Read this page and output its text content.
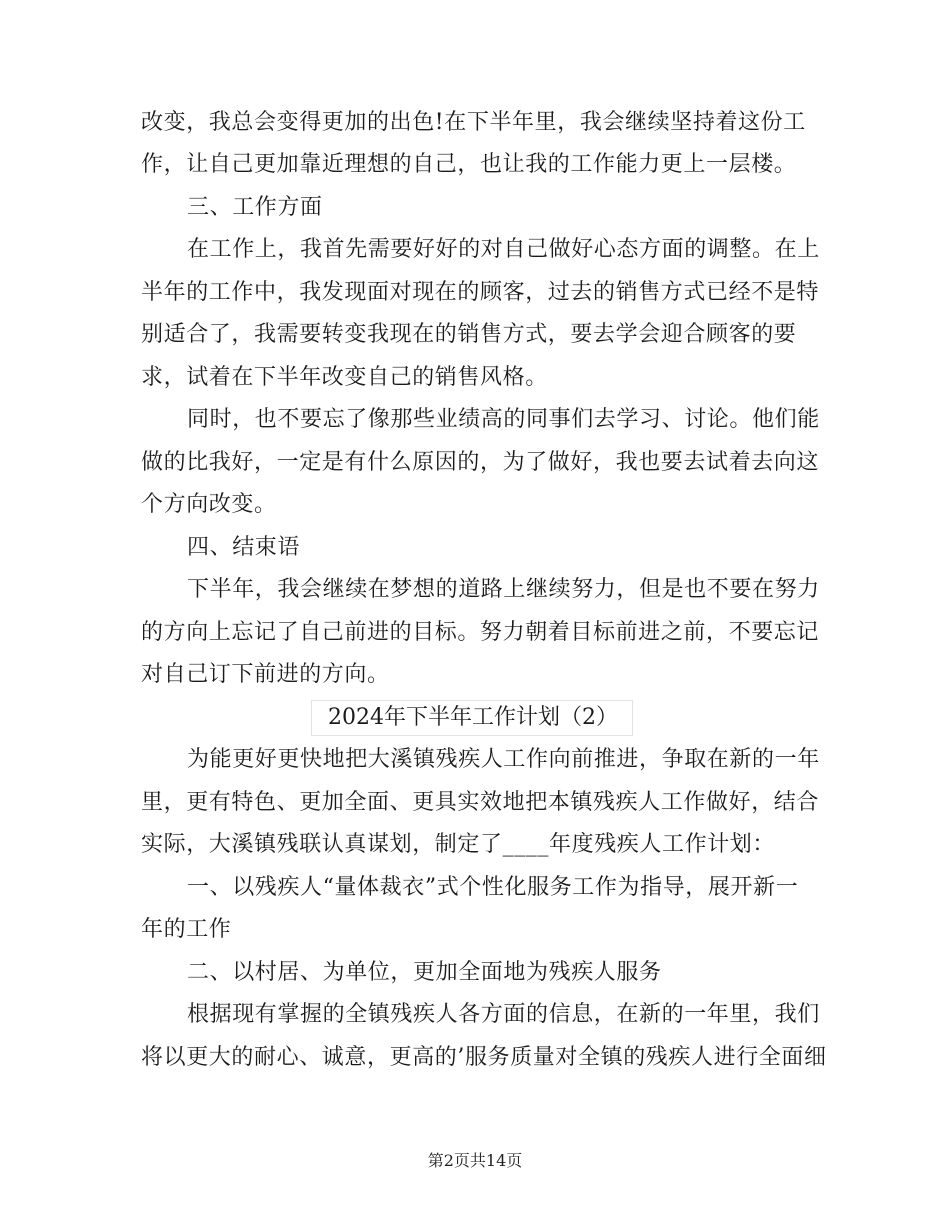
改变，我总会变得更加的出色!在下半年里，我会继续坚持着这份工
作，让自己更加靠近理想的自己，也让我的工作能力更上一层楼。
三、工作方面
在工作上，我首先需要好好的对自己做好心态方面的调整。在上
半年的工作中，我发现面对现在的顾客，过去的销售方式已经不是特
别适合了，我需要转变我现在的销售方式，要去学会迎合顾客的要
求，试着在下半年改变自己的销售风格。
同时，也不要忘了像那些业绩高的同事们去学习、讨论。他们能
做的比我好，一定是有什么原因的，为了做好，我也要去试着去向这
个方向改变。
四、结束语
下半年，我会继续在梦想的道路上继续努力，但是也不要在努力
的方向上忘记了自己前进的目标。努力朝着目标前进之前，不要忘记
对自己订下前进的方向。
2024年下半年工作计划（2）
为能更好更快地把大溪镇残疾人工作向前推进，争取在新的一年
里，更有特色、更加全面、更具实效地把本镇残疾人工作做好，结合
实际，大溪镇残联认真谋划，制定了____年度残疾人工作计划：
一、以残疾人“量体裁衣”式个性化服务工作为指导，展开新一
年的工作
二、以村居、为单位，更加全面地为残疾人服务
根据现有掌握的全镇残疾人各方面的信息，在新的一年里，我们
将以更大的耐心、诚意，更高的’服务质量对全镇的残疾人进行全面细
第2页共14页
